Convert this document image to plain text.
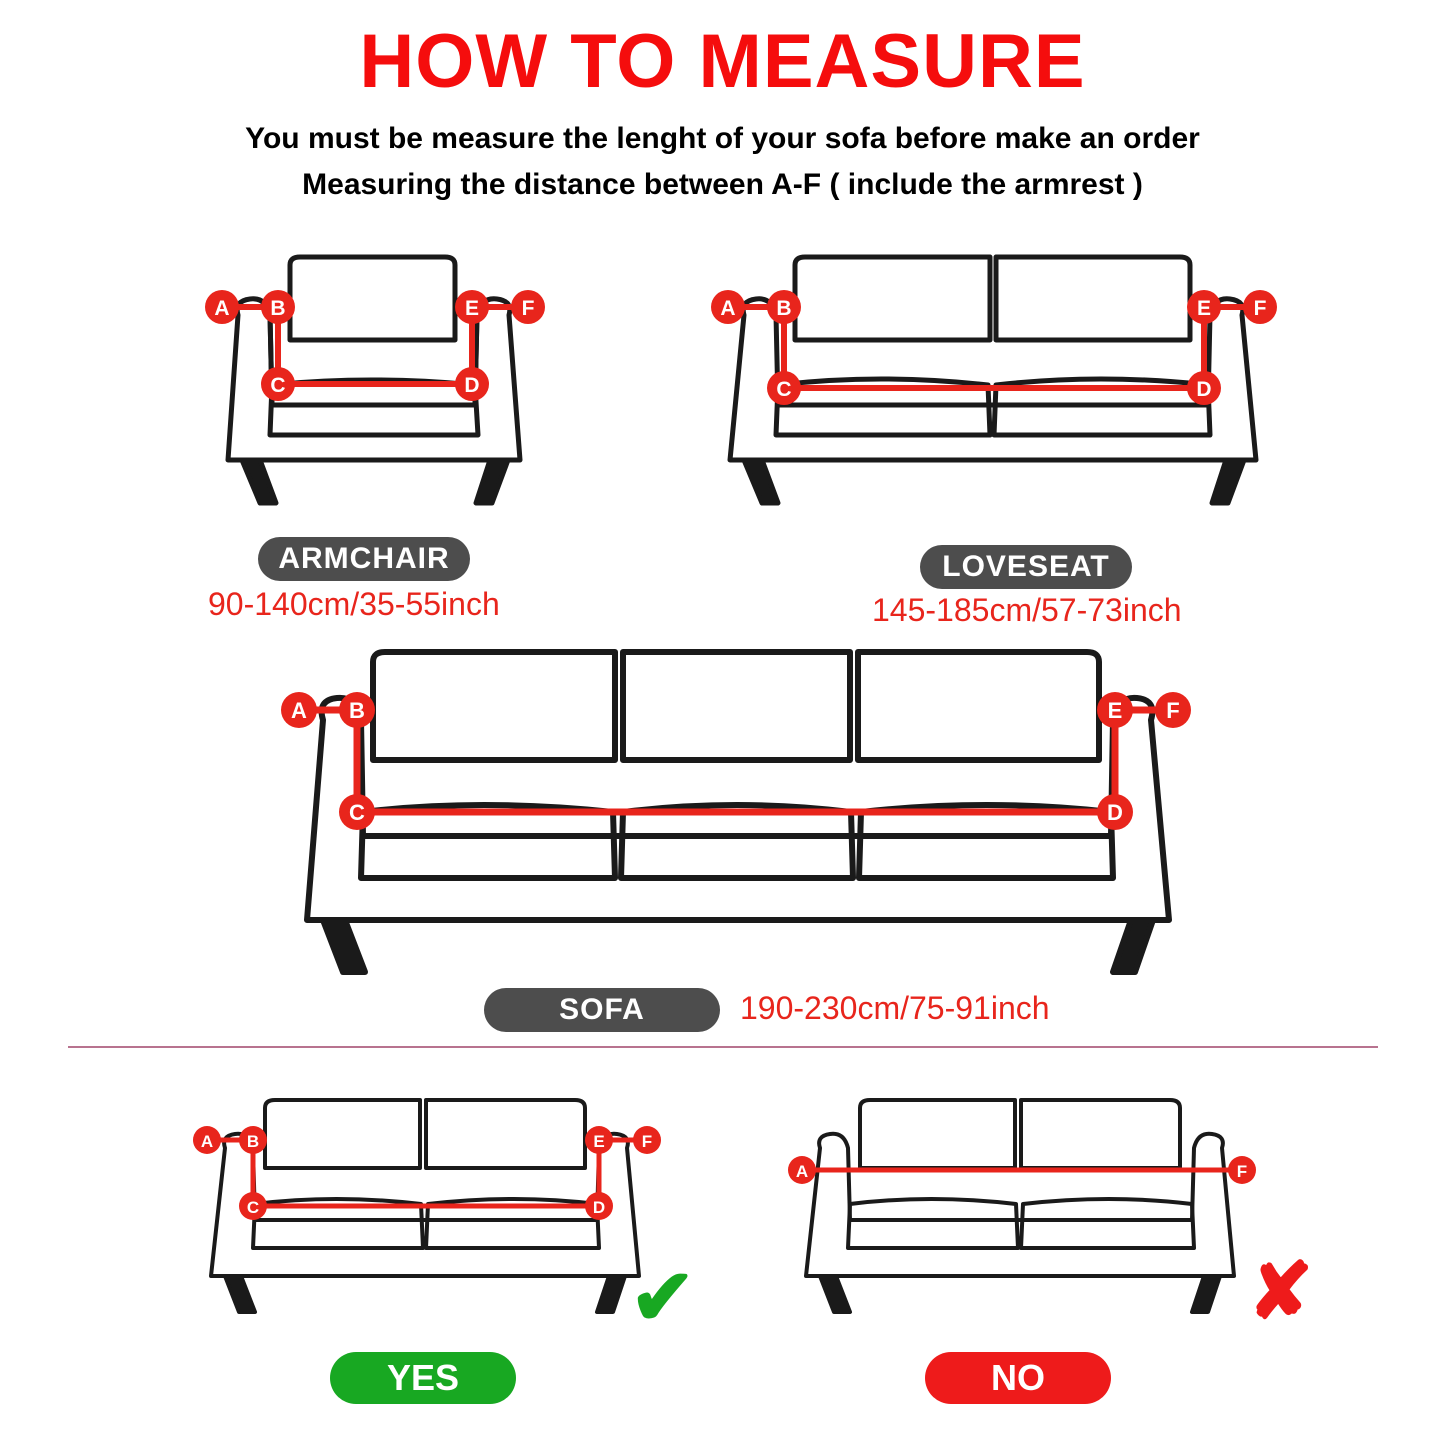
HOW TO MEASURE
You must be measure the lenght of your sofa before make an order
Measuring the distance between A-F ( include the armrest )
A B
C	D
E F
ARMCHAIR
90-140cm/35-55inch
A B
C	D
E F
LOVESEAT
145-185cm/57-73inch
A B
C	D
E F
SOFA	190-230cm/75-91inch
A B
C	D
E F
✔
YES
A	F
✘
NO
